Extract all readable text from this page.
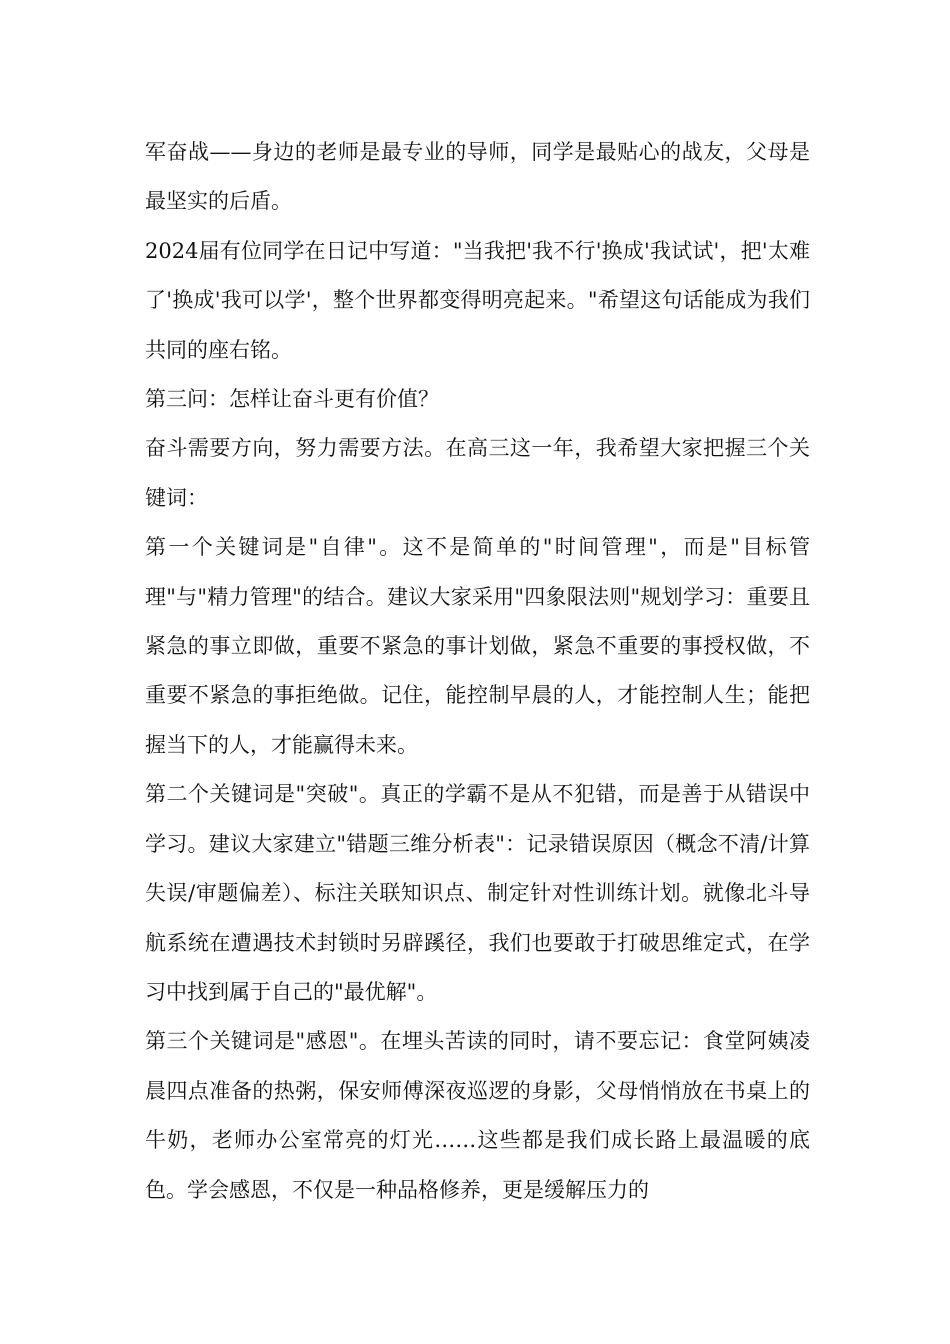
军奋战——身边的老师是最专业的导师，同学是最贴心的战友，父母是最坚实的后盾。

2024届有位同学在日记中写道："当我把'我不行'换成'我试试'，把'太难了'换成'我可以学'，整个世界都变得明亮起来。"希望这句话能成为我们共同的座右铭。

第三问：怎样让奋斗更有价值？

奋斗需要方向，努力需要方法。在高三这一年，我希望大家把握三个关键词：

第一个关键词是"自律"。这不是简单的"时间管理"，而是"目标管理"与"精力管理"的结合。建议大家采用"四象限法则"规划学习：重要且紧急的事立即做，重要不紧急的事计划做，紧急不重要的事授权做，不重要不紧急的事拒绝做。记住，能控制早晨的人，才能控制人生；能把握当下的人，才能赢得未来。

第二个关键词是"突破"。真正的学霸不是从不犯错，而是善于从错误中学习。建议大家建立"错题三维分析表"：记录错误原因（概念不清/计算失误/审题偏差）、标注关联知识点、制定针对性训练计划。就像北斗导航系统在遭遇技术封锁时另辟蹊径，我们也要敢于打破思维定式，在学习中找到属于自己的"最优解"。

第三个关键词是"感恩"。在埋头苦读的同时，请不要忘记：食堂阿姨凌晨四点准备的热粥，保安师傅深夜巡逻的身影，父母悄悄放在书桌上的牛奶，老师办公室常亮的灯光……这些都是我们成长路上最温暖的底色。学会感恩，不仅是一种品格修养，更是缓解压力的
